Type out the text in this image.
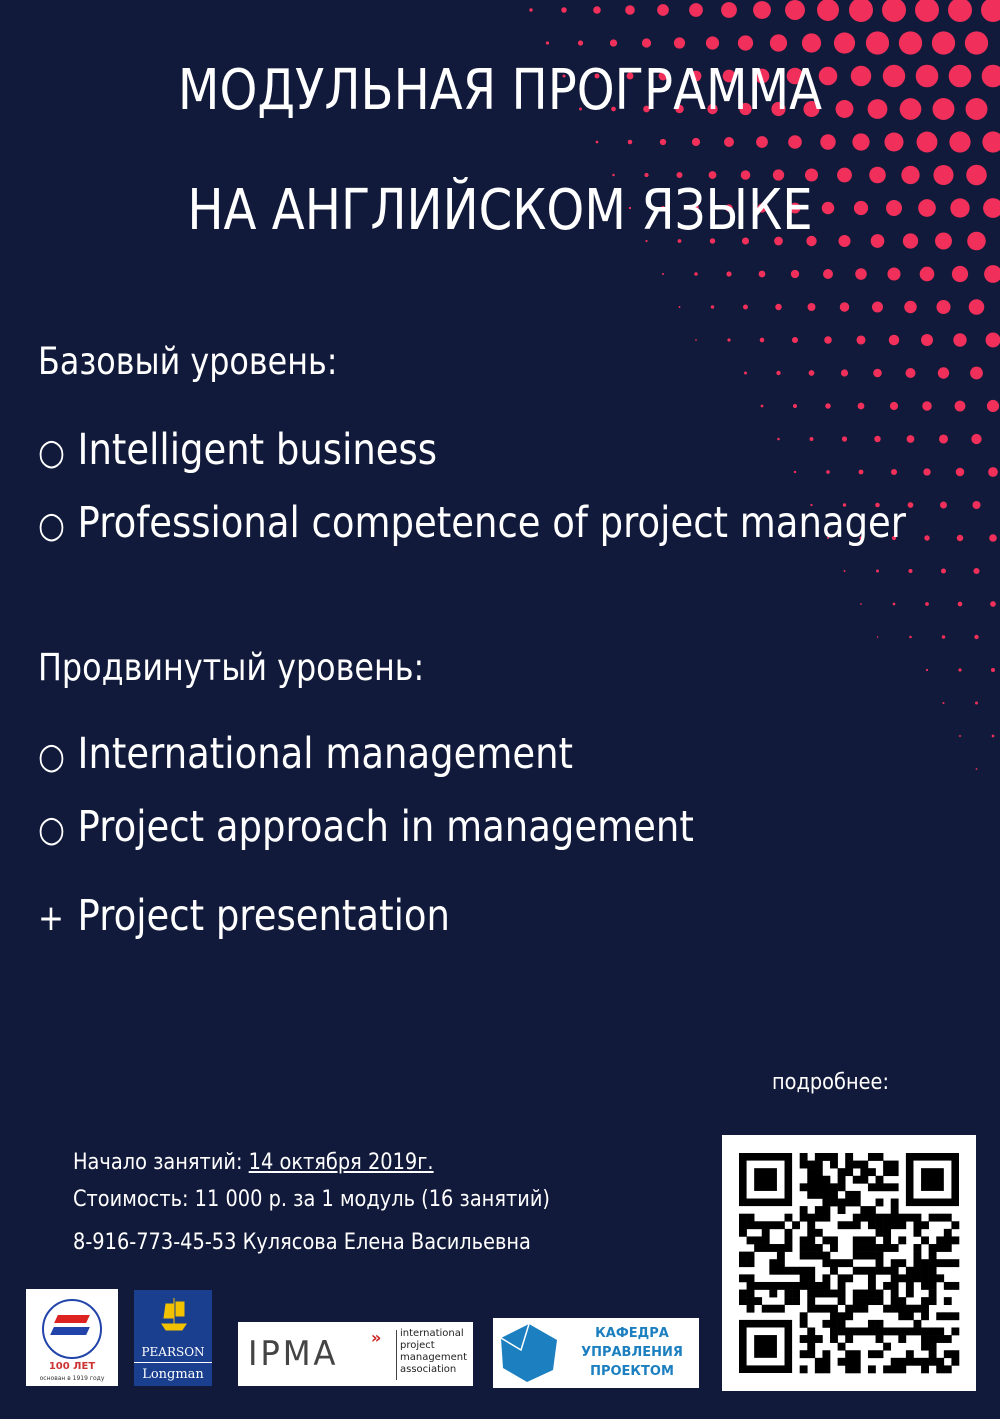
МОДУЛЬНАЯ ПРОГРАММА
НА АНГЛИЙСКОМ ЯЗЫКЕ
Базовый уровень:
○ Intelligent business
○ Professional competence of project manager
Продвинутый уровень:
○ International management
○ Project approach in management
+ Project presentation
подробнее:
Начало занятий: 14 октября 2019г.
Стоимость: 11 000 р. за 1 модуль (16 занятий)
8-916-773-45-53 Кулясова Елена Васильевна
100 ЛЕТ
основан в 1919 году
PEARSON
Longman
IPMA » international
project
management
association
КАФЕДРА
УПРАВЛЕНИЯ
ПРОЕКТОМ
